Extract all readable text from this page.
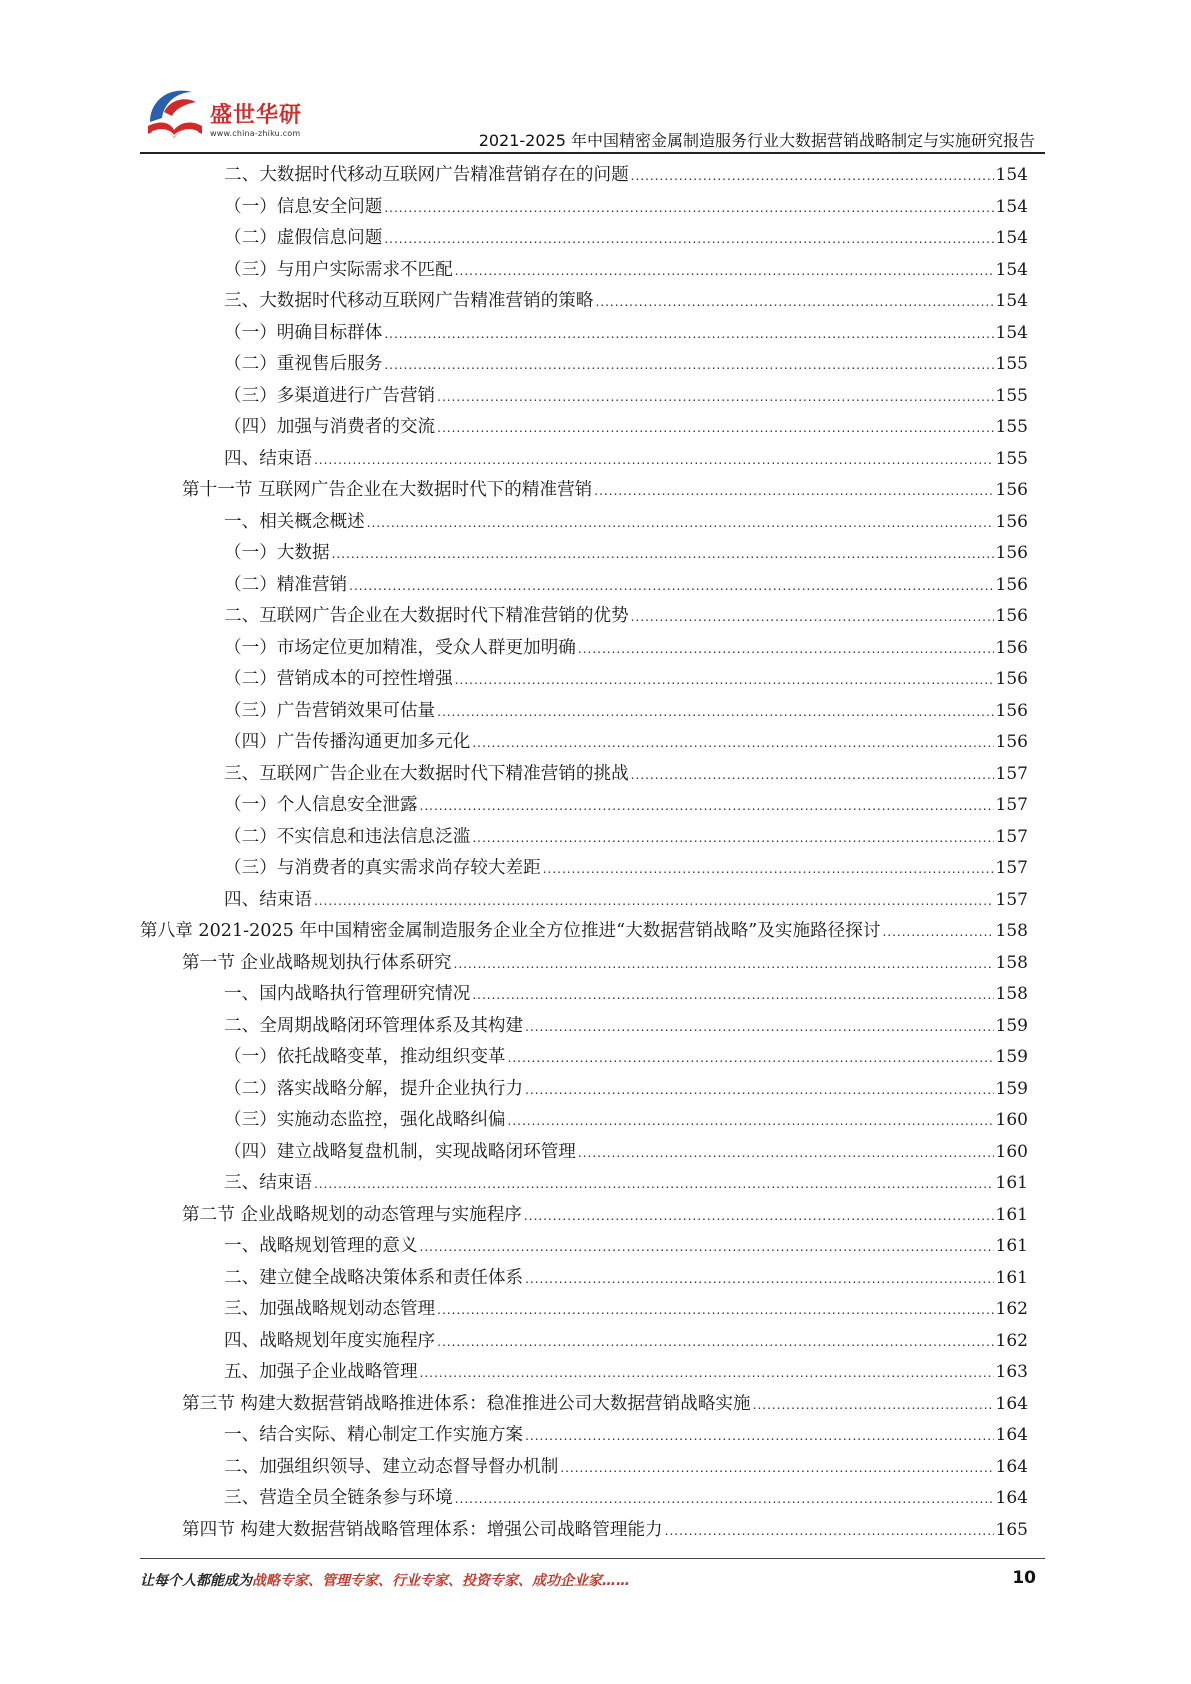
盛世华研
www.china-zhiku.com	2021-2025 年中国精密金属制造服务行业大数据营销战略制定与实施研究报告
二、大数据时代移动互联网广告精准营销存在的问题 .....	154
（一）信息安全问题 .....	154
（二）虚假信息问题 .....	154
（三）与用户实际需求不匹配 .....	154
三、大数据时代移动互联网广告精准营销的策略 .....	154
（一）明确目标群体 .....	154
（二）重视售后服务 .....	155
（三）多渠道进行广告营销 .....	155
（四）加强与消费者的交流 .....	155
四、结束语 .....	155
第十一节 互联网广告企业在大数据时代下的精准营销 .....	156
一、相关概念概述 .....	156
（一）大数据 .....	156
（二）精准营销 .....	156
二、互联网广告企业在大数据时代下精准营销的优势 .....	156
（一）市场定位更加精准，受众人群更加明确 .....	156
（二）营销成本的可控性增强 .....	156
（三）广告营销效果可估量 .....	156
（四）广告传播沟通更加多元化 .....	156
三、互联网广告企业在大数据时代下精准营销的挑战 .....	157
（一）个人信息安全泄露 .....	157
（二）不实信息和违法信息泛滥 .....	157
（三）与消费者的真实需求尚存较大差距 .....	157
四、结束语 .....	157
第八章 2021-2025 年中国精密金属制造服务企业全方位推进“大数据营销战略”及实施路径探讨 .....	158
第一节 企业战略规划执行体系研究 .....	158
一、国内战略执行管理研究情况 .....	158
二、全周期战略闭环管理体系及其构建 .....	159
（一）依托战略变革，推动组织变革 .....	159
（二）落实战略分解，提升企业执行力 .....	159
（三）实施动态监控，强化战略纠偏 .....	160
（四）建立战略复盘机制，实现战略闭环管理 .....	160
三、结束语 .....	161
第二节 企业战略规划的动态管理与实施程序 .....	161
一、战略规划管理的意义 .....	161
二、建立健全战略决策体系和责任体系 .....	161
三、加强战略规划动态管理 .....	162
四、战略规划年度实施程序 .....	162
五、加强子企业战略管理 .....	163
第三节 构建大数据营销战略推进体系：稳准推进公司大数据营销战略实施 .....	164
一、结合实际、精心制定工作实施方案 .....	164
二、加强组织领导、建立动态督导督办机制 .....	164
三、营造全员全链条参与环境 .....	164
第四节 构建大数据营销战略管理体系：增强公司战略管理能力 .....	165
让每个人都能成为战略专家、管理专家、行业专家、投资专家、成功企业家……	10
